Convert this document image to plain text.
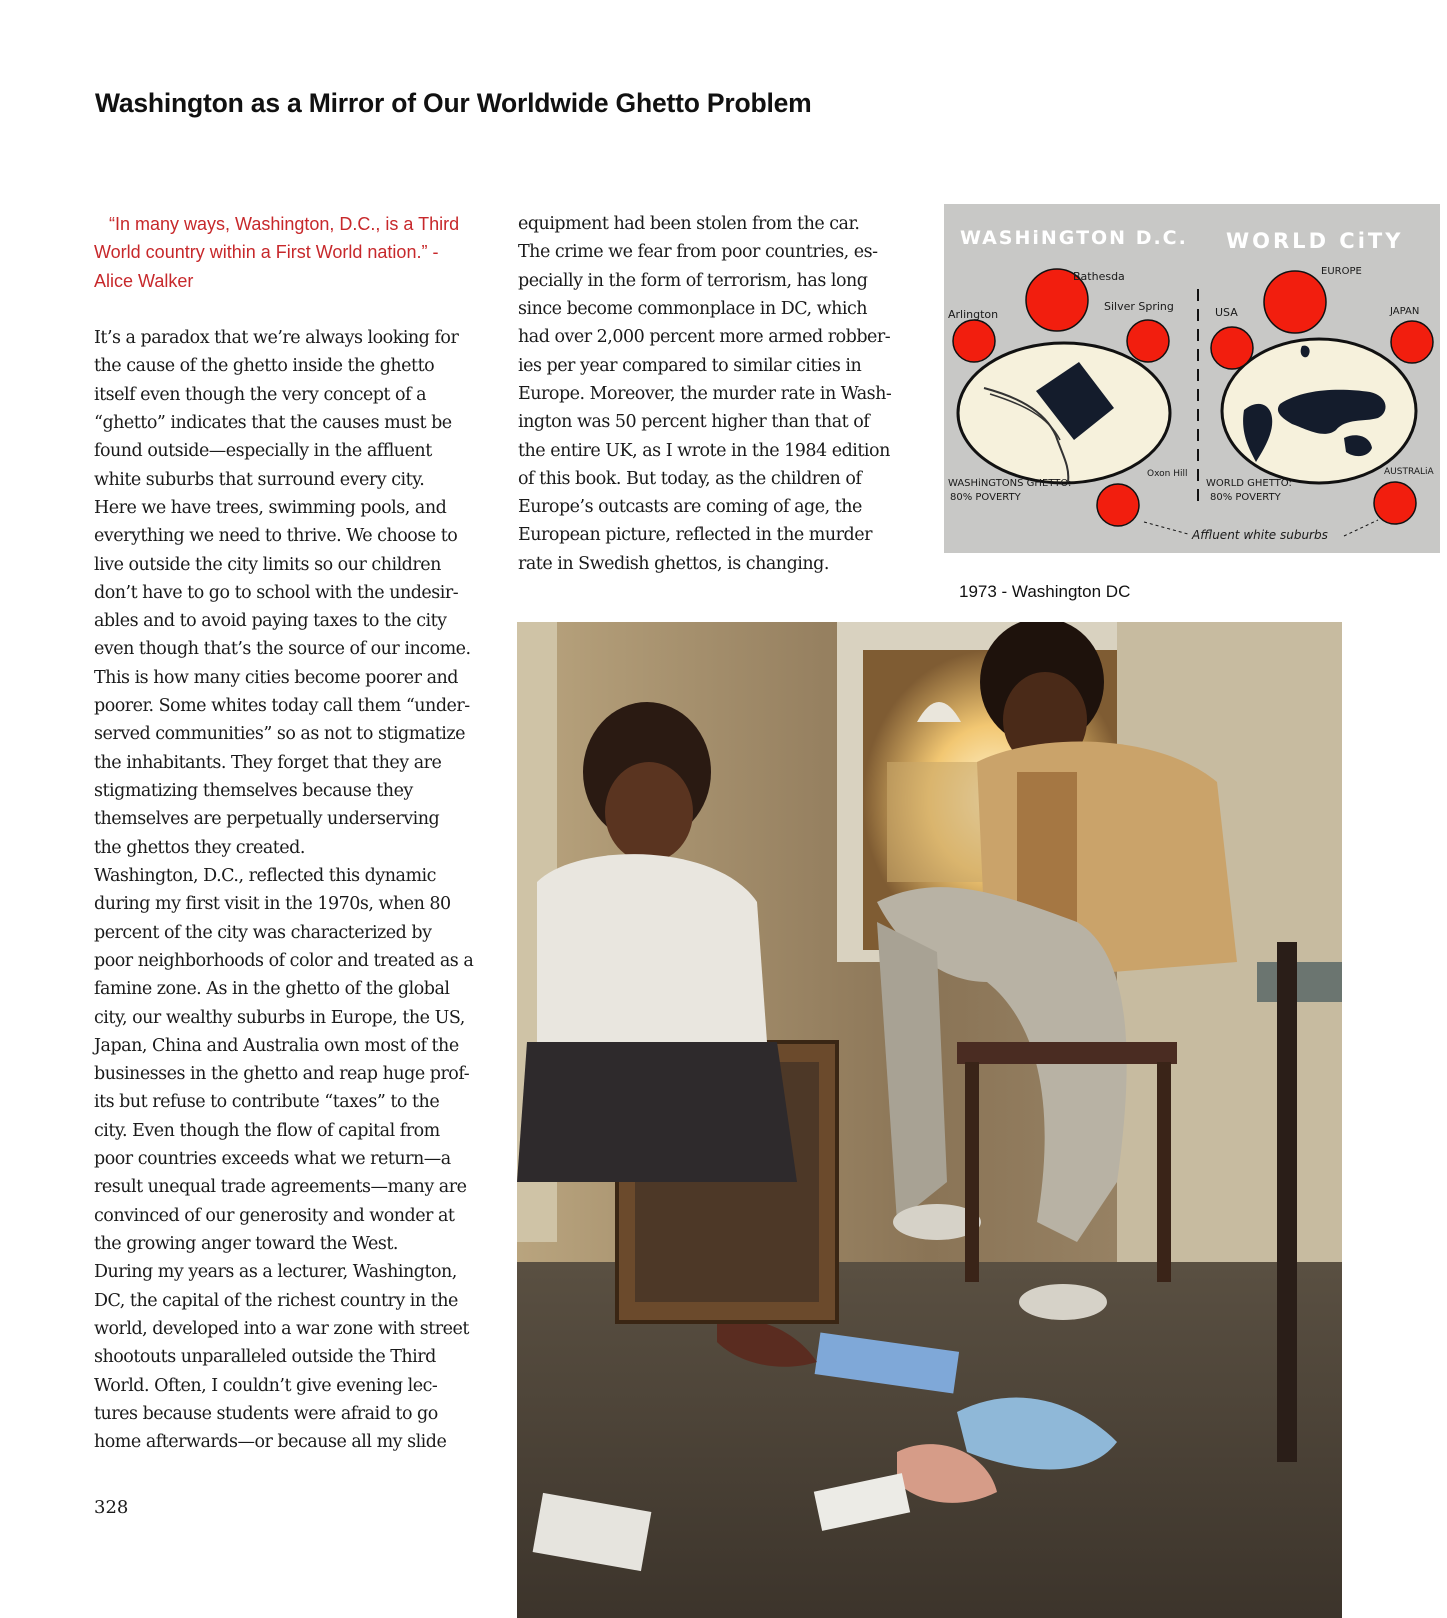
Washington as a Mirror of Our Worldwide Ghetto Problem
“In many ways, Washington, D.C., is a Third
World country within a First World nation.” -
Alice Walker
It’s a paradox that we’re always looking for
the cause of the ghetto inside the ghetto
itself even though the very concept of a
“ghetto” indicates that the causes must be
found outside—especially in the affluent
white suburbs that surround every city.
Here we have trees, swimming pools, and
everything we need to thrive. We choose to
live outside the city limits so our children
don’t have to go to school with the undesir-
ables and to avoid paying taxes to the city
even though that’s the source of our income.
This is how many cities become poorer and
poorer. Some whites today call them “under-
served communities” so as not to stigmatize
the inhabitants. They forget that they are
stigmatizing themselves because they
themselves are perpetually underserving
the ghettos they created.
Washington, D.C., reflected this dynamic
during my first visit in the 1970s, when 80
percent of the city was characterized by
poor neighborhoods of color and treated as a
famine zone. As in the ghetto of the global
city, our wealthy suburbs in Europe, the US,
Japan, China and Australia own most of the
businesses in the ghetto and reap huge prof-
its but refuse to contribute “taxes” to the
city. Even though the flow of capital from
poor countries exceeds what we return—a
result unequal trade agreements—many are
convinced of our generosity and wonder at
the growing anger toward the West.
During my years as a lecturer, Washington,
DC, the capital of the richest country in the
world, developed into a war zone with street
shootouts unparalleled outside the Third
World. Often, I couldn’t give evening lec-
tures because students were afraid to go
home afterwards—or because all my slide
equipment had been stolen from the car.
The crime we fear from poor countries, es-
pecially in the form of terrorism, has long
since become commonplace in DC, which
had over 2,000 percent more armed robber-
ies per year compared to similar cities in
Europe. Moreover, the murder rate in Wash-
ington was 50 percent higher than that of
the entire UK, as I wrote in the 1984 edition
of this book. But today, as the children of
Europe’s outcasts are coming of age, the
European picture, reflected in the murder
rate in Swedish ghettos, is changing.
WASHiNGTON D.C. WORLD CiTY
Bathesda
Arlington
Silver Spring
Oxon Hill
WASHiNGTONS GHETTO:
80% POVERTY
EUROPE
USA	JAPAN
AUSTRALiA
WORLD GHETTO:
80% POVERTY
Affluent white suburbs
1973 - Washington DC
328
